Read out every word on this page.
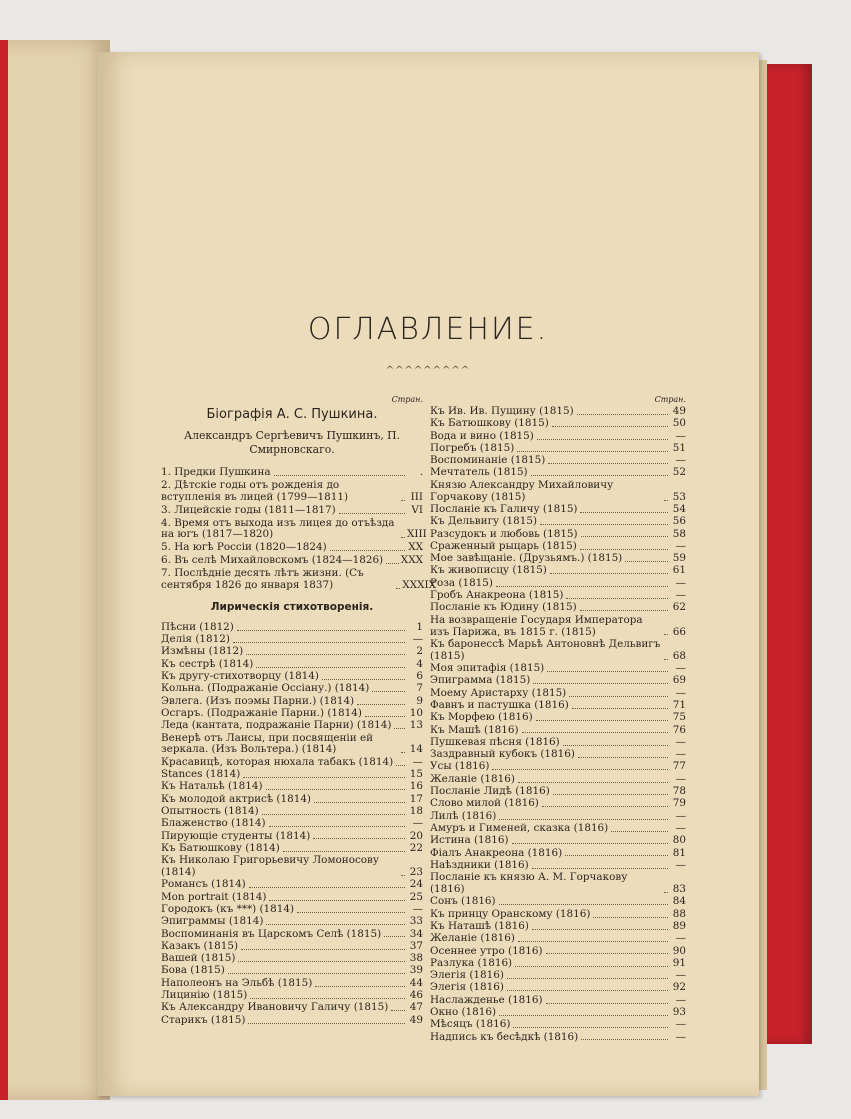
ОГЛАВЛЕНИЕ.
^^^^^^^^^
Стран.
Біографія А. С. Пушкина.
Александръ Сергѣевичъ Пушкинъ, П. Смирновскаго.
1. Предки Пушкина	.
2. Дѣтскіе годы отъ рожденія до вступленія въ лицей (1799—1811)	III
3. Лицейскіе годы (1811—1817)	VI
4. Время отъ выхода изъ лицея до отъѣзда на югъ (1817—1820)	XIII
5. На югѣ Россіи (1820—1824)	XX
6. Въ селѣ Михайловскомъ (1824—1826) XXX
7. Послѣдніе десять лѣтъ жизни. (Съ сентября 1826 до января 1837)	XXXIX
Лирическія стихотворенія.
Пѣсни (1812)	1
Делія (1812)	—
Измѣны (1812)	2
Къ сестрѣ (1814)	4
Къ другу-стихотворцу (1814)	6
Кольна. (Подражаніе Оссіану.) (1814)	7
Эвлега. (Изъ поэмы Парни.) (1814)	9
Осгаръ. (Подражаніе Парни.) (1814)	10
Леда (кантата, подражаніе Парни) (1814) 13
Венерѣ отъ Лаисы, при посвященіи ей зеркала. (Изъ Вольтера.) (1814)	14
Красавицѣ, которая нюхала табакъ (1814)	—
Stances (1814)	15
Къ Натальѣ (1814)	16
Къ молодой актрисѣ (1814)	17
Опытность (1814)	18
Блаженство (1814)	—
Пирующіе студенты (1814)	20
Къ Батюшкову (1814)	22
Къ Николаю Григорьевичу Ломоносову (1814)	23
Романсъ (1814)	24
Mon portrait (1814)	25
Городокъ (къ ***) (1814)	—
Эпиграммы (1814)	33
Воспоминанія въ Царскомъ Селѣ (1815)	34
Казакъ (1815)	37
Вашей (1815)	38
Бова (1815)	39
Наполеонъ на Эльбѣ (1815)	44
Лицинію (1815)	46
Къ Александру Ивановичу Галичу (1815) 47
Старикъ (1815)	49
Стран.
Къ Ив. Ив. Пущину (1815)	49
Къ Батюшкову (1815)	50
Вода и вино (1815)	—
Погребъ (1815)	51
Воспоминаніе (1815)	—
Мечтатель (1815)	52
Князю Александру Михайловичу Горчакову (1815)	53
Посланіе къ Галичу (1815)	54
Къ Дельвигу (1815)	56
Разсудокъ и любовь (1815)	58
Сраженный рыцарь (1815)	—
Мое завѣщаніе. (Друзьямъ.) (1815)	59
Къ живописцу (1815)	61
Роза (1815)	—
Гробъ Анакреона (1815)	—
Посланіе къ Юдину (1815)	62
На возвращеніе Государя Императора изъ Парижа, въ 1815 г. (1815)	66
Къ баронессѣ Марьѣ Антоновнѣ Дельвигъ (1815)	68
Моя эпитафія (1815)	—
Эпиграмма (1815)	69
Моему Аристарху (1815)	—
Фавнъ и пастушка (1816)	71
Къ Морфею (1816)	75
Къ Машѣ (1816)	76
Пушкевая пѣсня (1816)	—
Заздравный кубокъ (1816)	—
Усы (1816)	77
Желаніе (1816)	—
Посланіе Лидѣ (1816)	78
Слово милой (1816)	79
Лилѣ (1816)	—
Амуръ и Гименей, сказка (1816)	—
Истина (1816)	80
Фіалъ Анакреона (1816)	81
Наѣздники (1816)	—
Посланіе къ князю А. М. Горчакову (1816)	83
Сонъ (1816)	84
Къ принцу Оранскому (1816)	88
Къ Наташѣ (1816)	89
Желаніе (1816)	—
Осеннее утро (1816)	90
Разлука (1816)	91
Элегія (1816)	—
Элегія (1816)	92
Наслажденье (1816)	—
Окно (1816)	93
Мѣсяцъ (1816)	—
Надпись къ бесѣдкѣ (1816)	—
